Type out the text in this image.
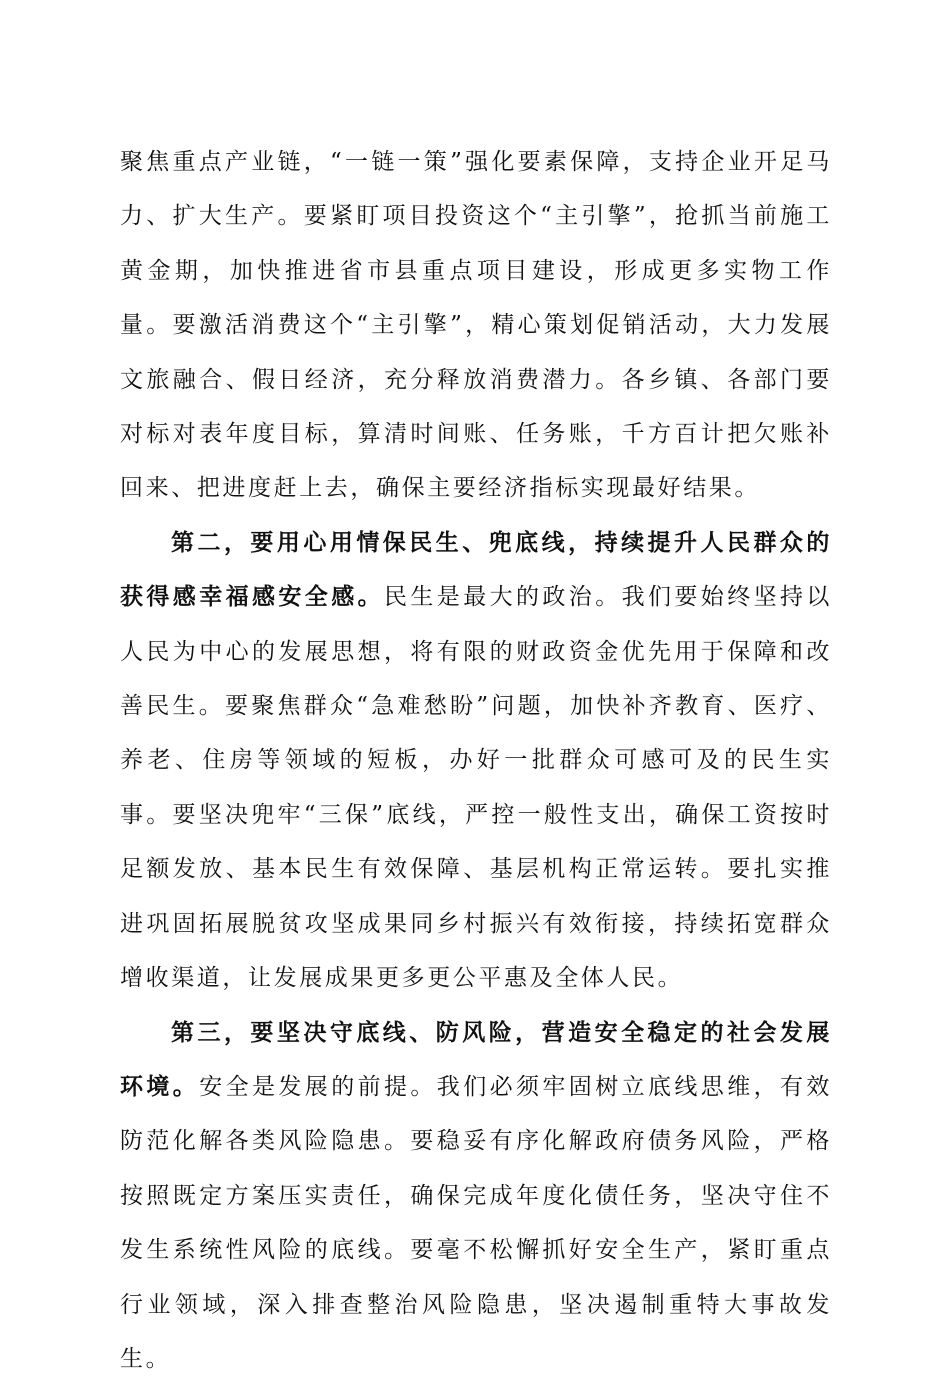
聚焦重点产业链，“一链一策”强化要素保障，支持企业开足马力、扩大生产。要紧盯项目投资这个“主引擎”，抢抓当前施工黄金期，加快推进省市县重点项目建设，形成更多实物工作量。要激活消费这个“主引擎”，精心策划促销活动，大力发展文旅融合、假日经济，充分释放消费潜力。各乡镇、各部门要对标对表年度目标，算清时间账、任务账，千方百计把欠账补回来、把进度赶上去，确保主要经济指标实现最好结果。

第二，要用心用情保民生、兜底线，持续提升人民群众的获得感幸福感安全感。民生是最大的政治。我们要始终坚持以人民为中心的发展思想，将有限的财政资金优先用于保障和改善民生。要聚焦群众“急难愁盼”问题，加快补齐教育、医疗、养老、住房等领域的短板，办好一批群众可感可及的民生实事。要坚决兜牢“三保”底线，严控一般性支出，确保工资按时足额发放、基本民生有效保障、基层机构正常运转。要扎实推进巩固拓展脱贫攻坚成果同乡村振兴有效衔接，持续拓宽群众增收渠道，让发展成果更多更公平惠及全体人民。

第三，要坚决守底线、防风险，营造安全稳定的社会发展环境。安全是发展的前提。我们必须牢固树立底线思维，有效防范化解各类风险隐患。要稳妥有序化解政府债务风险，严格按照既定方案压实责任，确保完成年度化债任务，坚决守住不发生系统性风险的底线。要毫不松懈抓好安全生产，紧盯重点行业领域，深入排查整治风险隐患，坚决遏制重特大事故发生。
